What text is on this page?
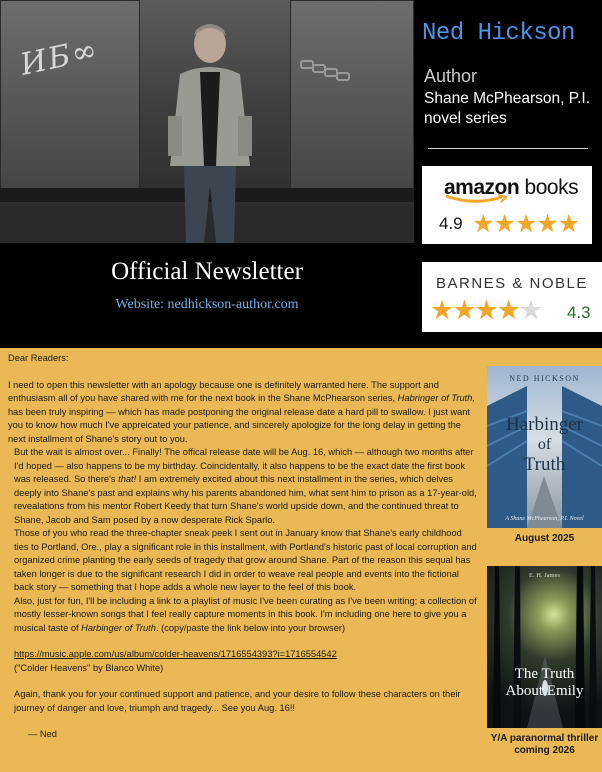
ИБ∞	Ned Hickson
Author
Shane McPhearson, P.I.
novel series
amazon books
4.9 ★★★★★
BARNES & NOBLE
★★★★★ 4.3
Official Newsletter
Website: nedhickson-author.com

Dear Readers:

I need to open this newsletter with an apology because one is definitely warranted here. The support and enthusiasm all of you have shared with me for the next book in the Shane McPhearson series, Habringer of Truth, has been truly inspiring — which has made postponing the original release date a hard pill to swallow. I just want you to know how much I've appreicated your patience, and sincerely apologize for the long delay in getting the next installment of Shane's story out to you.

But the wait is almost over... Finally! The offical release date will be Aug. 16, which — although two months after I'd hoped — also happens to be my birthday. Coincidentally, it also happens to be the exact date the first book was released. So there's that! I am extremely excited about this next installment in the series, which delves deeply into Shane's past and explains why his parents abandoned him, what sent him to prison as a 17-year-old, revealations from his mentor Robert Keedy that turn Shane's world upside down, and the continued threat to Shane, Jacob and Sam posed by a now desperate Rick Sparlo.

Those of you who read the three-chapter sneak peek I sent out in January know that Shane's early childhood ties to Portland, Ore., play a significant role in this installment, with Portland's historic past of local corruption and organized crime planting the early seeds of tragedy that grow around Shane. Part of the reason this sequal has taken longer is due to the significant research I did in order to weave real people and events into the fictional back story — something that I hope adds a whole new layer to the feel of this book.

Also, just for fun, I'll be including a link to a playlist of music I've been curating as I've been writing; a collection of mostly lesser-known songs that I feel really capture moments in this book. I'm including one here to give you a musical taste of Harbinger of Truth. (copy/paste the link below into your browser)

https://music.apple.com/us/album/colder-heavens/1716554393?i=1716554542

("Colder Heavens" by Blanco White)

Again, thank you for your continued support and patience, and your desire to follow these characters on their journey of danger and love, triumph and tragedy... See you Aug. 16!!

— Ned

NED HICKSON
Harbinger
of
Truth
A Shane McPhearson, P.I. Novel
August 2025
E. H. James
The Truth
About Emily
Y/A paranormal thriller
coming 2026
